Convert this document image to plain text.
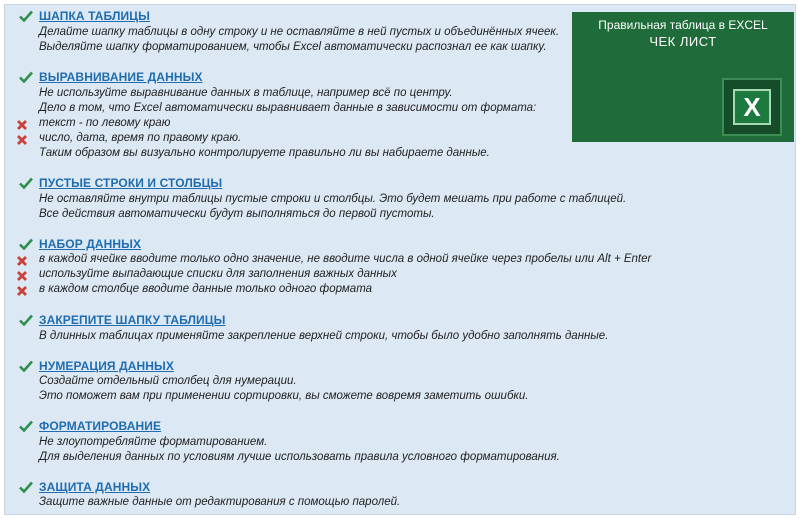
Правильная таблица в EXCEL
ЧЕК ЛИСТ
X
ШАПКА ТАБЛИЦЫ
Делайте шапку таблицы в одну строку и не оставляйте в ней пустых и объединённых ячеек.
Выделяйте шапку форматированием, чтобы Excel автоматически распознал ее как шапку.
ВЫРАВНИВАНИЕ ДАННЫХ
Не используйте выравнивание данных в таблице, например всё по центру.
Дело в том, что Excel автоматически выравнивает данные в зависимости от формата:
текст - по левому краю
число, дата, время по правому краю.
Таким образом вы визуально контролируете правильно ли вы набираете данные.
ПУСТЫЕ СТРОКИ И СТОЛБЦЫ
Не оставляйте внутри таблицы пустые строки и столбцы. Это будет мешать при работе с таблицей.
Все действия автоматически будут выполняться до первой пустоты.
НАБОР ДАННЫХ
в каждой ячейке вводите только одно значение, не вводите числа в одной ячейке через пробелы или Alt + Enter
используйте выпадающие списки для заполнения важных данных
в каждом столбце вводите данные только одного формата
ЗАКРЕПИТЕ ШАПКУ ТАБЛИЦЫ
В длинных таблицах применяйте закрепление верхней строки, чтобы было удобно заполнять данные.
НУМЕРАЦИЯ ДАННЫХ
Создайте отдельный столбец для нумерации.
Это поможет вам при применении сортировки, вы сможете вовремя заметить ошибки.
ФОРМАТИРОВАНИЕ
Не злоупотребляйте форматированием.
Для выделения данных по условиям лучше использовать правила условного форматирования.
ЗАЩИТА ДАННЫХ
Защите важные данные от редактирования с помощью паролей.
